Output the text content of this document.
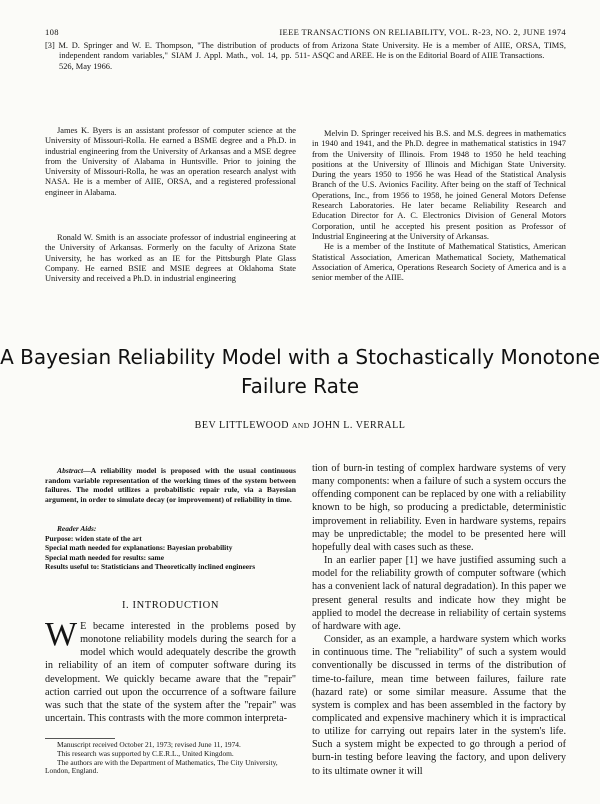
108	IEEE TRANSACTIONS ON RELIABILITY, VOL. R-23, NO. 2, JUNE 1974
[3] M. D. Springer and W. E. Thompson, "The distribution of products of independent random variables," SIAM J. Appl. Math., vol. 14, pp. 511-526, May 1966.
from Arizona State University. He is a member of AIIE, ORSA, TIMS, ASQC and AREE. He is on the Editorial Board of AIIE Transactions.
James K. Byers is an assistant professor of computer science at the University of Missouri-Rolla. He earned a BSME degree and a Ph.D. in industrial engineering from the University of Arkansas and a MSE degree from the University of Alabama in Huntsville. Prior to joining the University of Missouri-Rolla, he was an operation research analyst with NASA. He is a member of AIIE, ORSA, and a registered professional engineer in Alabama.
Ronald W. Smith is an associate professor of industrial engineering at the University of Arkansas. Formerly on the faculty of Arizona State University, he has worked as an IE for the Pittsburgh Plate Glass Company. He earned BSIE and MSIE degrees at Oklahoma State University and received a Ph.D. in industrial engineering

Melvin D. Springer received his B.S. and M.S. degrees in mathematics in 1940 and 1941, and the Ph.D. degree in mathematical statistics in 1947 from the University of Illinois. From 1948 to 1950 he held teaching positions at the University of Illinois and Michigan State University. During the years 1950 to 1956 he was Head of the Statistical Analysis Branch of the U.S. Avionics Facility. After being on the staff of Technical Operations, Inc., from 1956 to 1958, he joined General Motors Defense Research Laboratories. He later became Reliability Research and Education Director for A. C. Electronics Division of General Motors Corporation, until he accepted his present position as Professor of Industrial Engineering at the University of Arkansas.

He is a member of the Institute of Mathematical Statistics, American Statistical Association, American Mathematical Society, Mathematical Association of America, Operations Research Society of America and is a senior member of the AIIE.

A Bayesian Reliability Model with a Stochastically Monotone
Failure Rate
BEV LITTLEWOOD AND JOHN L. VERRALL
Abstract—A reliability model is proposed with the usual continuous random variable representation of the working times of the system between failures. The model utilizes a probabilistic repair rule, via a Bayesian argument, in order to simulate decay (or improvement) of reliability in time.
Reader Aids:
Purpose: widen state of the art
Special math needed for explanations: Bayesian probability
Special math needed for results: same
Results useful to: Statisticians and Theoretically inclined engineers
I. INTRODUCTION
W E became interested in the problems posed by monotone reliability models during the search for a model which would adequately describe the growth in reliability of an item of computer software during its development. We quickly became aware that the "repair" action carried out upon the occurrence of a software failure was such that the state of the system after the "repair" was uncertain. This contrasts with the more common interpreta-
Manuscript received October 21, 1973; revised June 11, 1974.
This research was supported by C.E.R.L., United Kingdom.
The authors are with the Department of Mathematics, The City University, London, England.

tion of burn-in testing of complex hardware systems of very many components: when a failure of such a system occurs the offending component can be replaced by one with a reliability known to be high, so producing a predictable, deterministic improvement in reliability. Even in hardware systems, repairs may be unpredictable; the model to be presented here will hopefully deal with cases such as these.

In an earlier paper [1] we have justified assuming such a model for the reliability growth of computer software (which has a convenient lack of natural degradation). In this paper we present general results and indicate how they might be applied to model the decrease in reliability of certain systems of hardware with age.

Consider, as an example, a hardware system which works in continuous time. The "reliability" of such a system would conventionally be discussed in terms of the distribution of time-to-failure, mean time between failures, failure rate (hazard rate) or some similar measure. Assume that the system is complex and has been assembled in the factory by complicated and expensive machinery which it is impractical to utilize for carrying out repairs later in the system's life. Such a system might be expected to go through a period of burn-in testing before leaving the factory, and upon delivery to its ultimate owner it will
